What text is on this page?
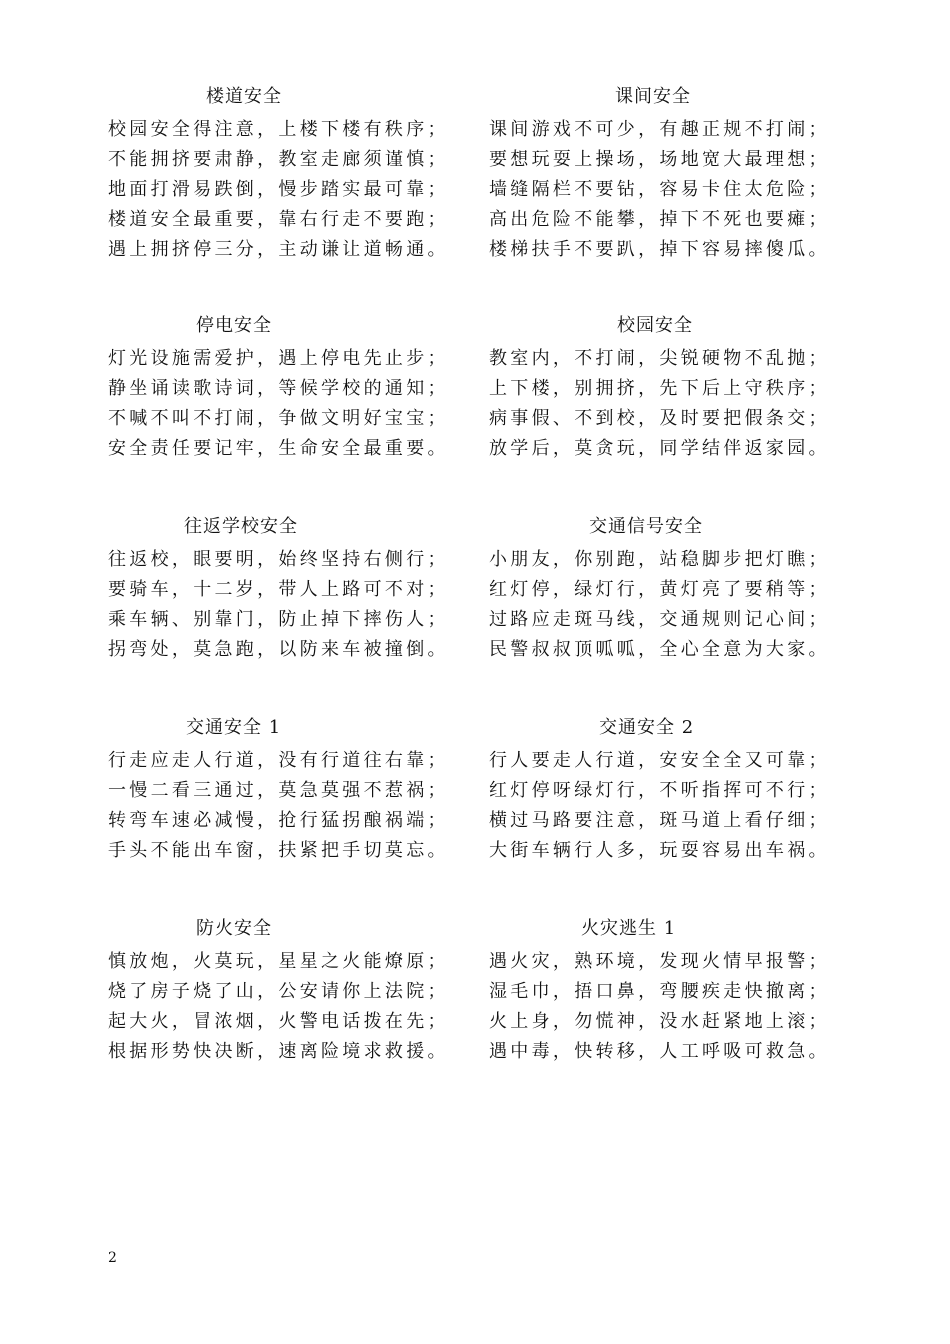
楼道安全
校园安全得注意，上楼下楼有秩序；
不能拥挤要肃静，教室走廊须谨慎；
地面打滑易跌倒，慢步踏实最可靠；
楼道安全最重要，靠右行走不要跑；
遇上拥挤停三分，主动谦让道畅通。
课间安全
课间游戏不可少，有趣正规不打闹；
要想玩耍上操场，场地宽大最理想；
墙缝隔栏不要钻，容易卡住太危险；
高出危险不能攀，掉下不死也要瘫；
楼梯扶手不要趴，掉下容易摔傻瓜。
停电安全
灯光设施需爱护，遇上停电先止步；
静坐诵读歌诗词，等候学校的通知；
不喊不叫不打闹，争做文明好宝宝；
安全责任要记牢，生命安全最重要。
校园安全
教室内，不打闹，尖锐硬物不乱抛；
上下楼，别拥挤，先下后上守秩序；
病事假、不到校，及时要把假条交；
放学后，莫贪玩，同学结伴返家园。
往返学校安全
往返校，眼要明，始终坚持右侧行；
要骑车，十二岁，带人上路可不对；
乘车辆、别靠门，防止掉下摔伤人；
拐弯处，莫急跑，以防来车被撞倒。
交通信号安全
小朋友，你别跑，站稳脚步把灯瞧；
红灯停，绿灯行，黄灯亮了要稍等；
过路应走斑马线，交通规则记心间；
民警叔叔顶呱呱，全心全意为大家。
交通安全 1
行走应走人行道，没有行道往右靠；
一慢二看三通过，莫急莫强不惹祸；
转弯车速必减慢，抢行猛拐酿祸端；
手头不能出车窗，扶紧把手切莫忘。
交通安全 2
行人要走人行道，安安全全又可靠；
红灯停呀绿灯行，不听指挥可不行；
横过马路要注意，斑马道上看仔细；
大街车辆行人多，玩耍容易出车祸。
防火安全
慎放炮，火莫玩，星星之火能燎原；
烧了房子烧了山，公安请你上法院；
起大火，冒浓烟，火警电话拨在先；
根据形势快决断，速离险境求救援。
火灾逃生 1
遇火灾，熟环境，发现火情早报警；
湿毛巾，捂口鼻，弯腰疾走快撤离；
火上身，勿慌神，没水赶紧地上滚；
遇中毒，快转移，人工呼吸可救急。
2
